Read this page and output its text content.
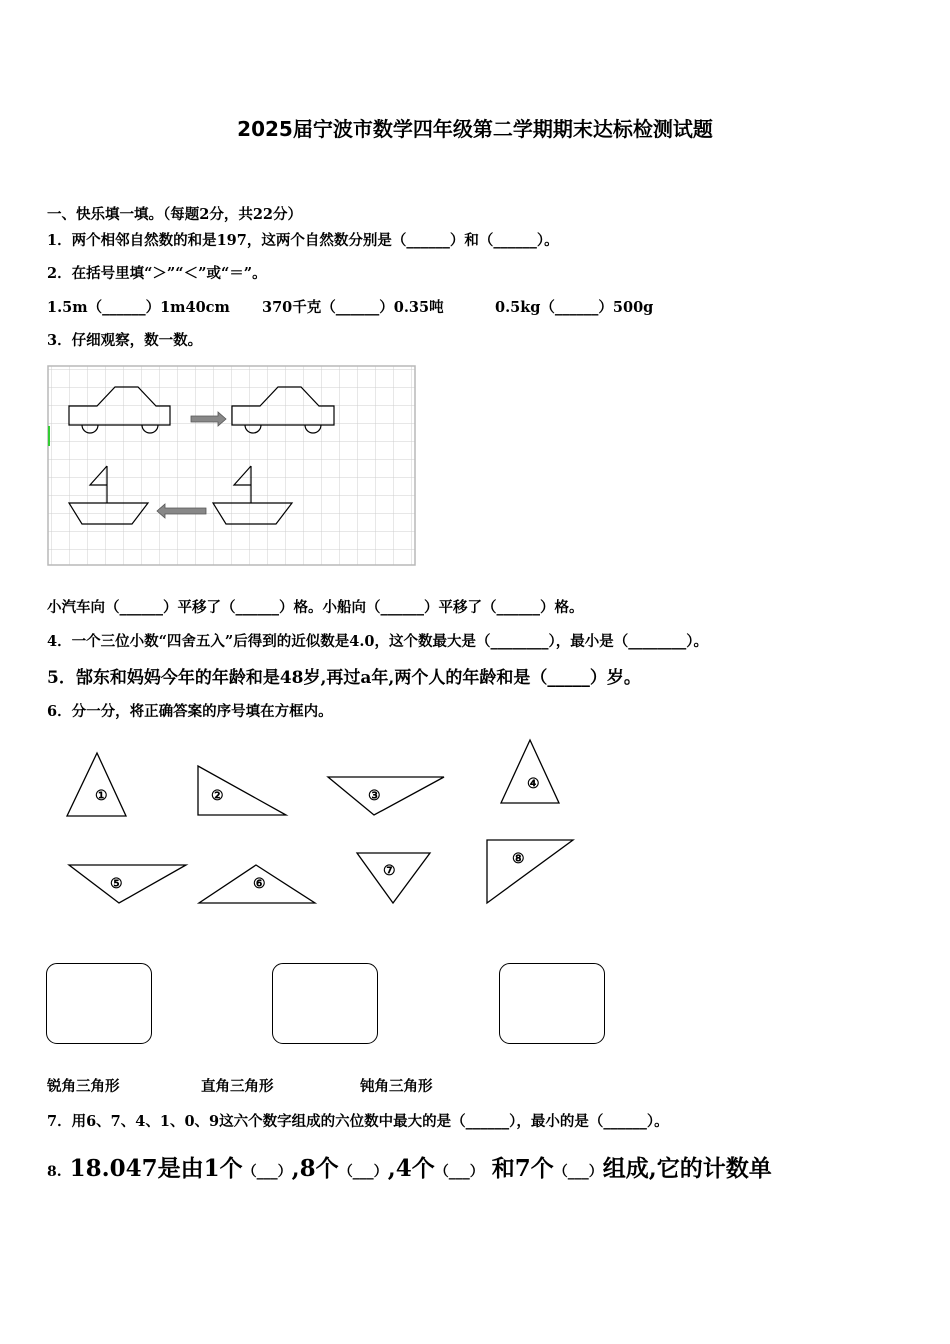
2025届宁波市数学四年级第二学期期末达标检测试题
一、快乐填一填。（每题2分，共22分）
1．两个相邻自然数的和是197，这两个自然数分别是（______）和（______）。
2．在括号里填“＞”“＜”或“＝”。
1.5m（______）1m40cm 370千克（______）0.35吨	0.5kg（______）500g
3．仔细观察，数一数。
小汽车向（______）平移了（______）格。小船向（______）平移了（______）格。
4．一个三位小数“四舍五入”后得到的近似数是4.0，这个数最大是（________），最小是（________）。
5．郜东和妈妈今年的年龄和是48岁,再过a年,两个人的年龄和是（_____）岁。
6．分一分，将正确答案的序号填在方框内。
①	②	③
④
⑤	⑥
⑦
⑧
锐角三角形	直角三角形	钝角三角形
7．用6、7、4、1、0、9这六个数字组成的六位数中最大的是（______），最小的是（______）。
8. 18.047是由1个（___）,8个（___）,4个（___） 和7个（___）组成,它的计数单
